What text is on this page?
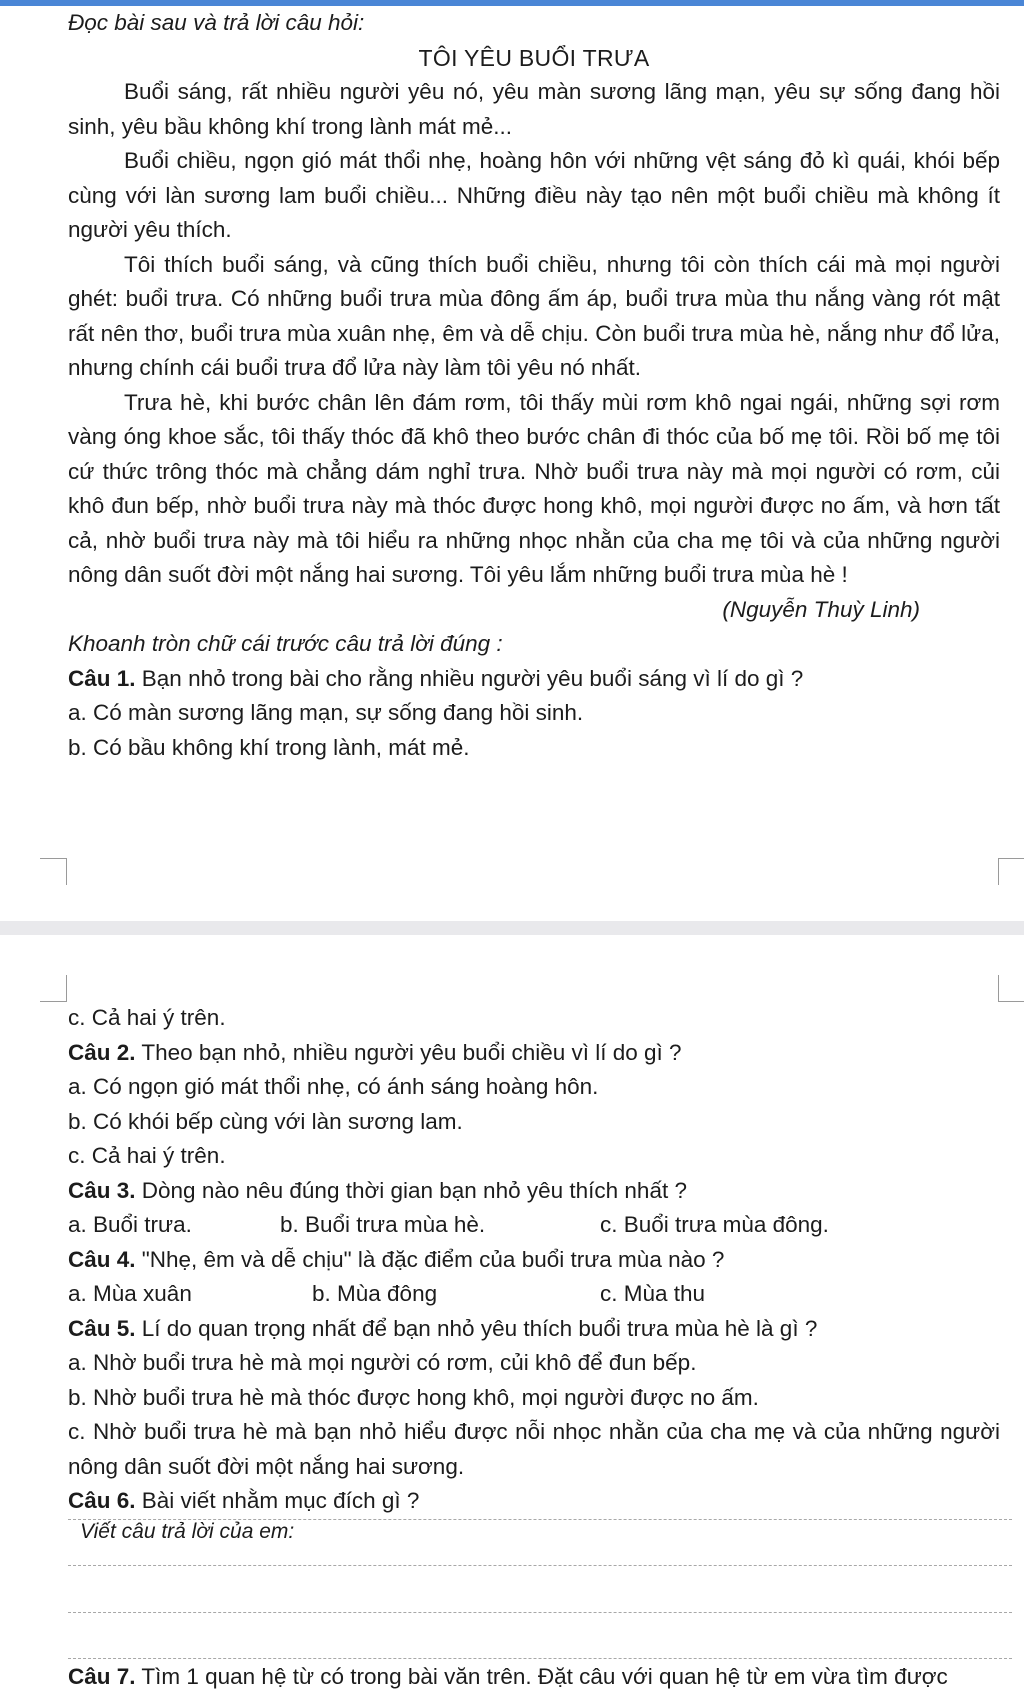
Đọc bài sau và trả lời câu hỏi:

TÔI YÊU BUỔI TRƯA

Buổi sáng, rất nhiều người yêu nó, yêu màn sương lãng mạn, yêu sự sống đang hồi sinh, yêu bầu không khí trong lành mát mẻ...

Buổi chiều, ngọn gió mát thổi nhẹ, hoàng hôn với những vệt sáng đỏ kì quái, khói bếp cùng với làn sương lam buổi chiều... Những điều này tạo nên một buổi chiều mà không ít người yêu thích.

Tôi thích buổi sáng, và cũng thích buổi chiều, nhưng tôi còn thích cái mà mọi người ghét: buổi trưa. Có những buổi trưa mùa đông ấm áp, buổi trưa mùa thu nắng vàng rót mật rất nên thơ, buổi trưa mùa xuân nhẹ, êm và dễ chịu. Còn buổi trưa mùa hè, nắng như đổ lửa, nhưng chính cái buổi trưa đổ lửa này làm tôi yêu nó nhất.

Trưa hè, khi bước chân lên đám rơm, tôi thấy mùi rơm khô ngai ngái, những sợi rơm vàng óng khoe sắc, tôi thấy thóc đã khô theo bước chân đi thóc của bố mẹ tôi. Rồi bố mẹ tôi cứ thức trông thóc mà chẳng dám nghỉ trưa. Nhờ buổi trưa này mà mọi người có rơm, củi khô đun bếp, nhờ buổi trưa này mà thóc được hong khô, mọi người được no ấm, và hơn tất cả, nhờ buổi trưa này mà tôi hiểu ra những nhọc nhằn của cha mẹ tôi và của những người nông dân suốt đời một nắng hai sương. Tôi yêu lắm những buổi trưa mùa hè !

(Nguyễn Thuỳ Linh)

Khoanh tròn chữ cái trước câu trả lời đúng :

Câu 1. Bạn nhỏ trong bài cho rằng nhiều người yêu buổi sáng vì lí do gì ?

a. Có màn sương lãng mạn, sự sống đang hồi sinh.

b. Có bầu không khí trong lành, mát mẻ.

c. Cả hai ý trên.

Câu 2. Theo bạn nhỏ, nhiều người yêu buổi chiều vì lí do gì ?

a. Có ngọn gió mát thổi nhẹ, có ánh sáng hoàng hôn.

b. Có khói bếp cùng với làn sương lam.

c. Cả hai ý trên.

Câu 3. Dòng nào nêu đúng thời gian bạn nhỏ yêu thích nhất ?

a. Buổi trưa.	b. Buổi trưa mùa hè.	c. Buổi trưa mùa đông.

Câu 4. "Nhẹ, êm và dễ chịu" là đặc điểm của buổi trưa mùa nào ?

a. Mùa xuân	b. Mùa đông	c. Mùa thu

Câu 5. Lí do quan trọng nhất để bạn nhỏ yêu thích buổi trưa mùa hè là gì ?

a. Nhờ buổi trưa hè mà mọi người có rơm, củi khô để đun bếp.

b. Nhờ buổi trưa hè mà thóc được hong khô, mọi người được no ấm.

c. Nhờ buổi trưa hè mà bạn nhỏ hiểu được nỗi nhọc nhằn của cha mẹ và của những người nông dân suốt đời một nắng hai sương.

Câu 6. Bài viết nhằm mục đích gì ?

Viết câu trả lời của em:
Câu 7. Tìm 1 quan hệ từ có trong bài văn trên. Đặt câu với quan hệ từ em vừa tìm được
